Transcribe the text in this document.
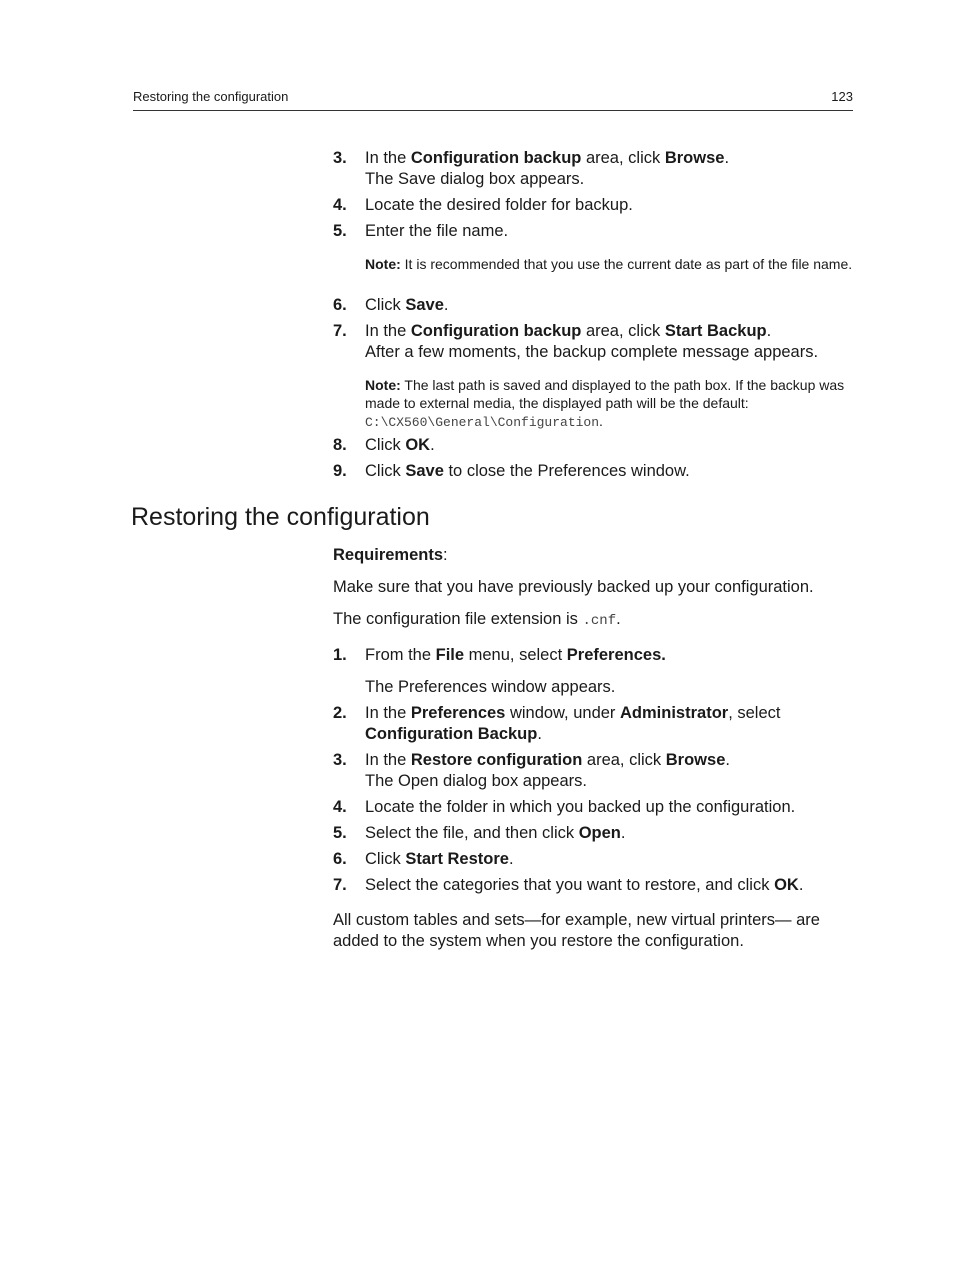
Restoring the configuration	123
3. In the Configuration backup area, click Browse.
The Save dialog box appears.
4. Locate the desired folder for backup.
5. Enter the file name.
Note: It is recommended that you use the current date as part of the file name.
6. Click Save.
7. In the Configuration backup area, click Start Backup.
After a few moments, the backup complete message appears.
Note: The last path is saved and displayed to the path box. If the backup was made to external media, the displayed path will be the default: C:\CX560\General\Configuration.
8. Click OK.
9. Click Save to close the Preferences window.
Restoring the configuration
Requirements:
Make sure that you have previously backed up your configuration.
The configuration file extension is .cnf.
1. From the File menu, select Preferences.
The Preferences window appears.
2. In the Preferences window, under Administrator, select Configuration Backup.
3. In the Restore configuration area, click Browse.
The Open dialog box appears.
4. Locate the folder in which you backed up the configuration.
5. Select the file, and then click Open.
6. Click Start Restore.
7. Select the categories that you want to restore, and click OK.
All custom tables and sets—for example, new virtual printers— are added to the system when you restore the configuration.
